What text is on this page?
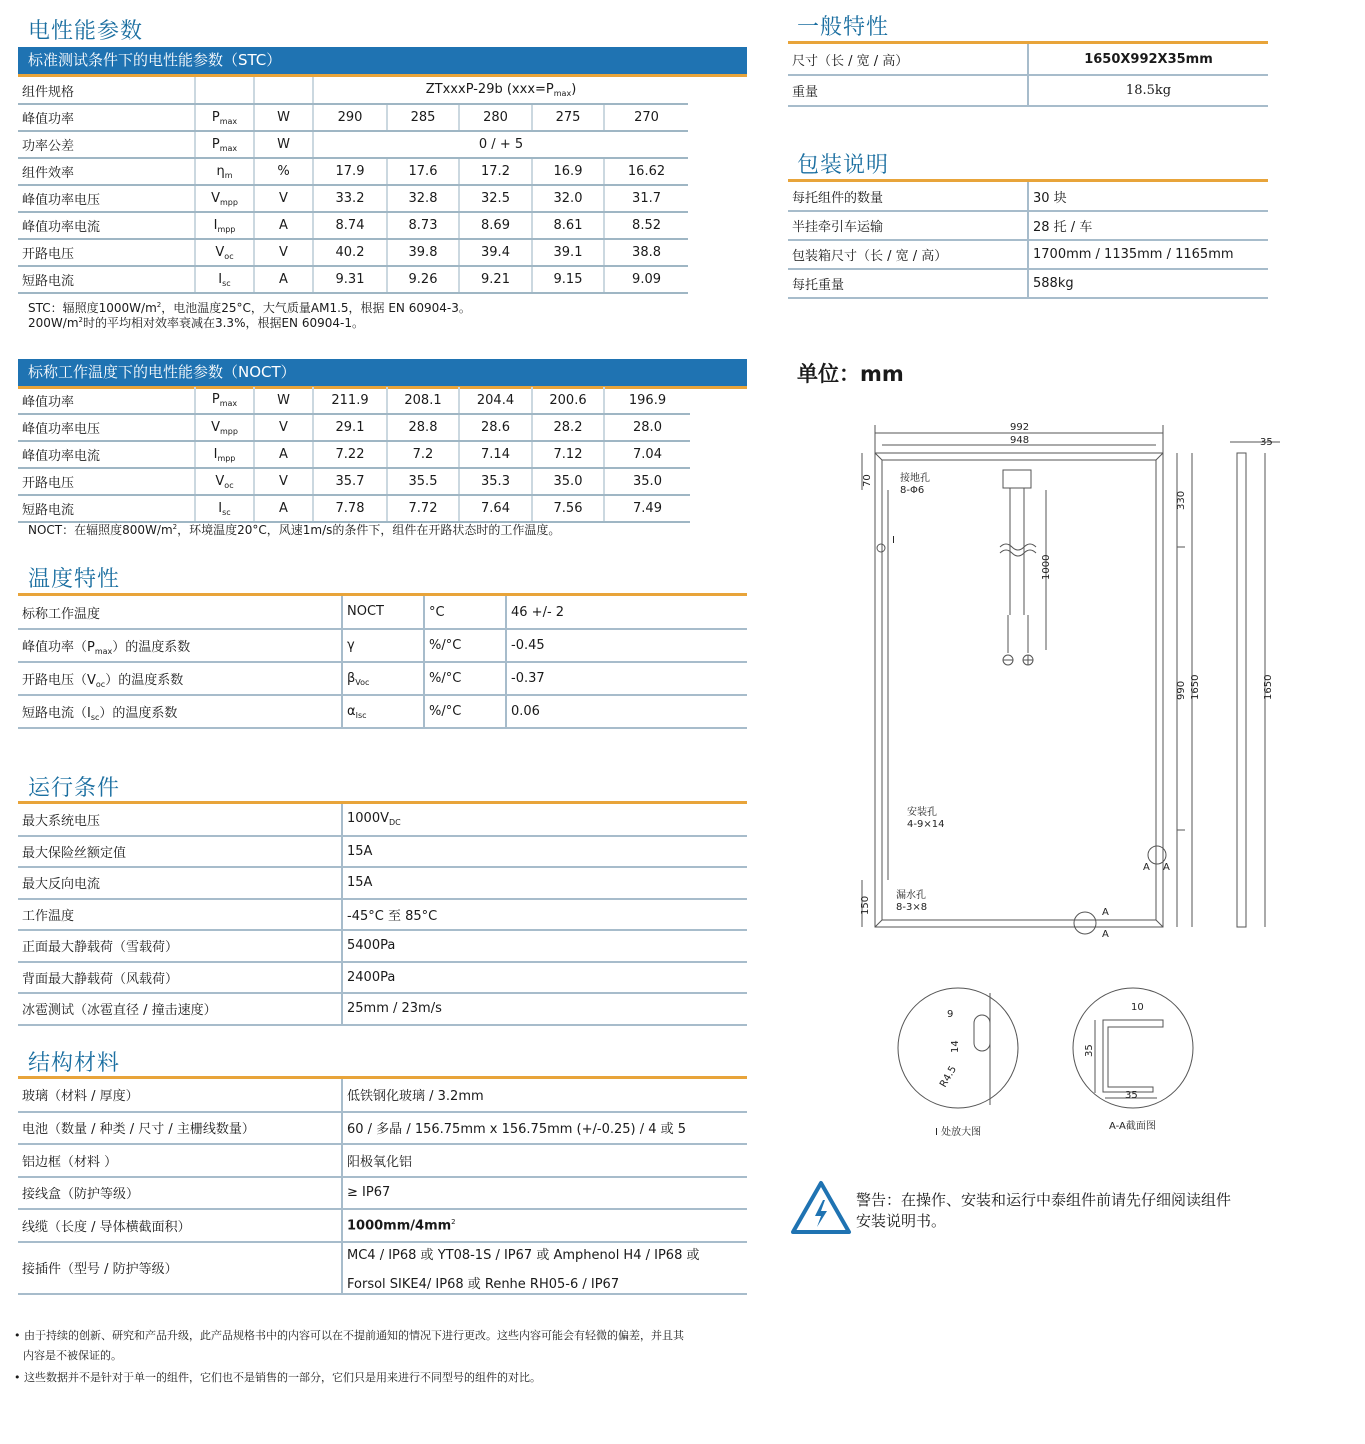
电性能参数
标准测试条件下的电性能参数（STC）
组件规格			ZTxxxP-29b $(xxx=P_{max})$				
峰值功率	$P_{max}$	W	290	285	280	275	270
功率公差	$P_{max}$	W	0 / + 5				
组件效率	$\eta_m$	%	17.9	17.6	17.2	16.9	16.62
峰值功率电压	$V_{mpp}$	V	33.2	32.8	32.5	32.0	31.7
峰值功率电流	$I_{mpp}$	A	8.74	8.73	8.69	8.61	8.52
开路电压	$V_{oc}$	V	40.2	39.8	39.4	39.1	38.8
短路电流	$I_{sc}$	A	9.31	9.26	9.21	9.15	9.09
STC：辐照度$1000W/m^2$，电池温度25°C，大气质量AM1.5，根据 EN 60904-3。
$200W/m^2$时的平均相对效率衰减在3.3%，根据EN 60904-1。
标称工作温度下的电性能参数（NOCT）
峰值功率	$P_{max}$	W	211.9	208.1	204.4	200.6	196.9
峰值功率电压	$V_{mpp}$	V	29.1	28.8	28.6	28.2	28.0
峰值功率电流	$I_{mpp}$	A	7.22	7.2	7.14	7.12	7.04
开路电压	$V_{oc}$	V	35.7	35.5	35.3	35.0	35.0
短路电流	$I_{sc}$	A	7.78	7.72	7.64	7.56	7.49
NOCT：在辐照度$800W/m^2$，环境温度20°C，风速1m/s的条件下，组件在开路状态时的工作温度。
温度特性
标称工作温度	NOCT	°C	46 +/- 2
峰值功率$(P_{max})$的温度系数	γ	%/°C	-0.45
开路电压$(V_{oc})$的温度系数	$\beta_{Voc}$	%/°C	-0.37
短路电流$(I_{sc})$的温度系数	$\alpha_{Isc}$	%/°C	0.06
运行条件
最大系统电压	$1000V_{DC}$
最大保险丝额定值	15A
最大反向电流	15A
工作温度	-45°C 至 85°C
正面最大静载荷（雪载荷）	5400Pa
背面最大静载荷（风载荷）	2400Pa
冰雹测试（冰雹直径 / 撞击速度）	25mm / 23m/s
结构材料
玻璃（材料 / 厚度）	低铁钢化玻璃 / 3.2mm
电池（数量 / 种类 / 尺寸 / 主栅线数量）	60 / 多晶 / 156.75mm x 156.75mm (+/-0.25) / 4 或 5
铝边框（材料 ）	阳极氧化铝
接线盒（防护等级）	≥ IP67
线缆（长度 / 导体横截面积）	$1000mm/4mm^2$
接插件（型号 / 防护等级）	MC4 / IP68 或 YT08-1S / IP67 或 Amphenol H4 / IP68 或
Forsol SIKE4/ IP68 或 Renhe RH05-6 / IP67
• 由于持续的创新、研究和产品升级，此产品规格书中的内容可以在不提前通知的情况下进行更改。这些内容可能会有轻微的偏差，并且其
内容是不被保证的。
• 这些数据并不是针对于单一的组件，它们也不是销售的一部分，它们只是用来进行不同型号的组件的对比。
一般特性
尺寸（长 / 宽 / 高）	1650X992X35mm
重量	18.5kg
包装说明
每托组件的数量	30 块
半挂牵引车运输	28 托 / 车
包装箱尺寸（长 / 宽 / 高）	1700mm / 1135mm / 1165mm
每托重量	588kg
单位：mm
992
948	35
接地孔
8-Φ6
I
安装孔
4-9×14
漏水孔
8-3×8
A A
A
A
70
330
1000
990 1650	1650
150
9
14
R4.5
I 处放大图
10
35
35
A-A截面图
警告：在操作、安装和运行中泰组件前请先仔细阅读组件
安装说明书。
